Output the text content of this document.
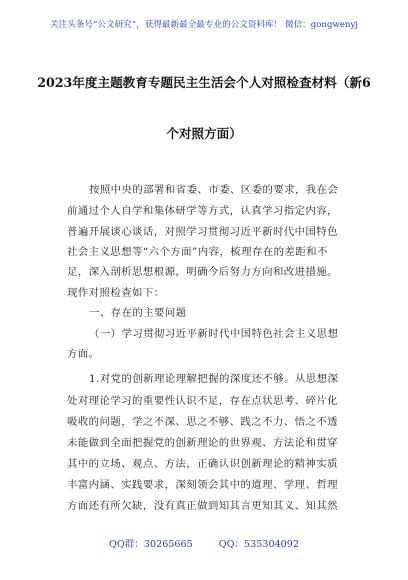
关注头条号“公文研究”，获得最新最全最专业的公文资料库！ 微信：gongwenyj
2023年度主题教育专题民主生活会个人对照检查材料（新6
个对照方面）
按照中央的部署和省委、市委、区委的要求，我在会
前通过个人自学和集体研学等方式，认真学习指定内容，
普遍开展谈心谈话，对照学习贯彻习近平新时代中国特色
社会主义思想等“六个方面”内容，梳理存在的差距和不
足，深入剖析思想根源，明确今后努力方向和改进措施。
现作对照检查如下：
一、存在的主要问题
（一）学习贯彻习近平新时代中国特色社会主义思想
方面。
1.对党的创新理论理解把握的深度还不够。从思想深
处对理论学习的重要性认识不足，存在点状思考、碎片化
吸收的问题，学之不深、思之不够、践之不力、悟之不透
未能做到全面把握党的创新理论的世界观、方法论和贯穿
其中的立场、观点、方法，正确认识创新理论的精神实质
丰富内涵、实践要求，深刻领会其中的道理、学理、哲理
方面还有所欠缺，没有真正做到知其言更知其义、知其然
QQ群：30265665	QQ：535304092
